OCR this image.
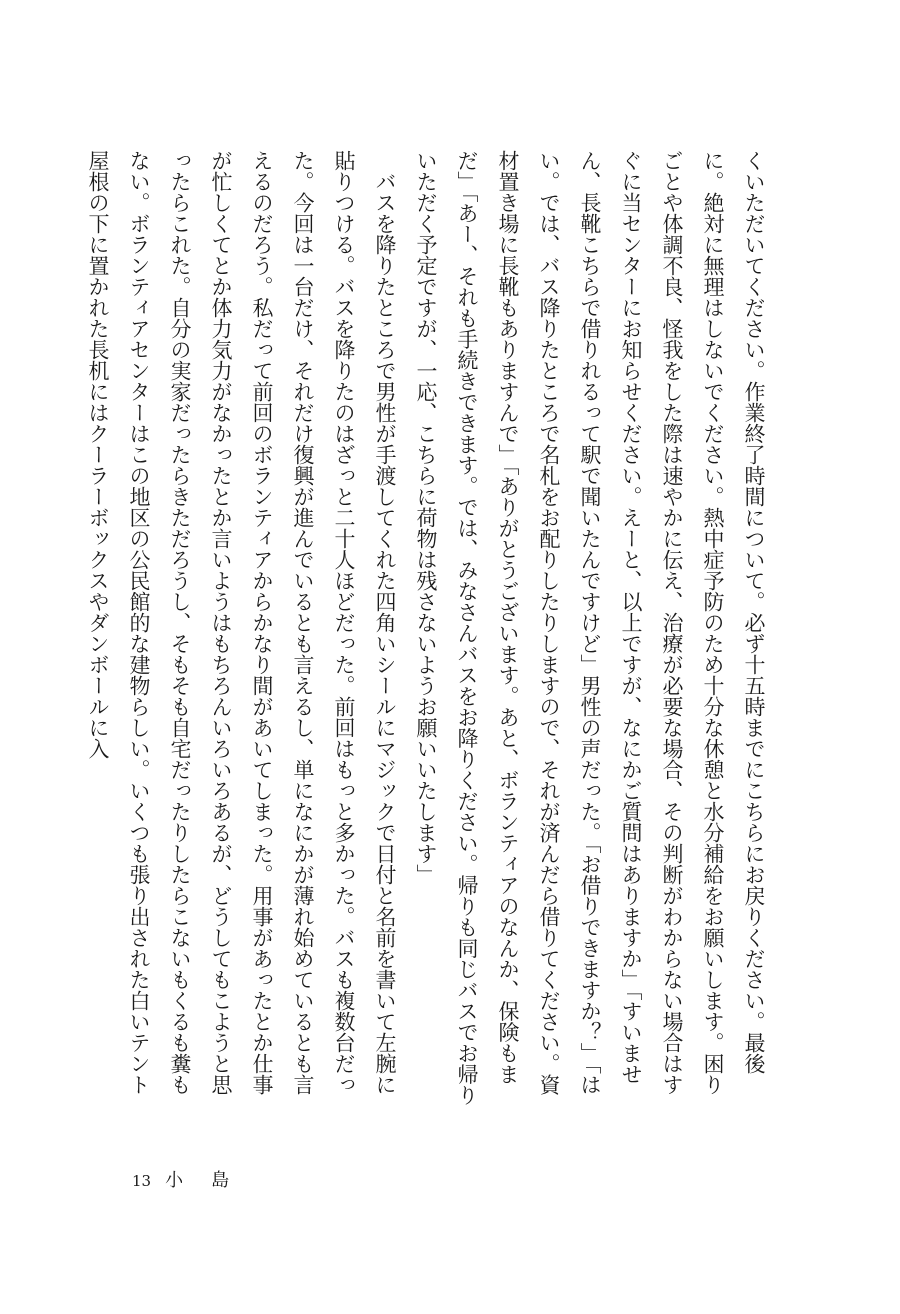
くいただいてください。作業終了時間について。必ず十五時までにこちらにお戻りください。最後に。絶対に無理はしないでください。熱中症予防のため十分な休憩と水分補給をお願いします。困りごとや体調不良、怪我をした際は速やかに伝え、治療が必要な場合、その判断がわからない場合はすぐに当センターにお知らせください。えーと、以上ですが、なにかご質問はありますか」「すいません、長靴こちらで借りれるって駅で聞いたんですけど」男性の声だった。「お借りできますか？」「はい。では、バス降りたところで名札をお配りしたりしますので、それが済んだら借りてください。資材置き場に長靴もありますんで」「ありがとうございます。あと、ボランティアのなんか、保険もまだ」「あー、それも手続きできます。では、みなさんバスをお降りください。帰りも同じバスでお帰りいただく予定ですが、一応、こちらに荷物は残さないようお願いいたします」

バスを降りたところで男性が手渡してくれた四角いシールにマジックで日付と名前を書いて左腕に貼りつける。バスを降りたのはざっと二十人ほどだった。前回はもっと多かった。バスも複数台だった。今回は一台だけ、それだけ復興が進んでいるとも言えるし、単になにかが薄れ始めているとも言えるのだろう。私だって前回のボランティアからかなり間があいてしまった。用事があったとか仕事が忙しくてとか体力気力がなかったとか言いようはもちろんいろいろあるが、どうしてもこようと思ったらこれた。自分の実家だったらきただろうし、そもそも自宅だったりしたらこないもくるも糞もない。ボランティアセンターはこの地区の公民館的な建物らしい。いくつも張り出された白いテント屋根の下に置かれた長机にはクーラーボックスやダンボールに入

13 小島
